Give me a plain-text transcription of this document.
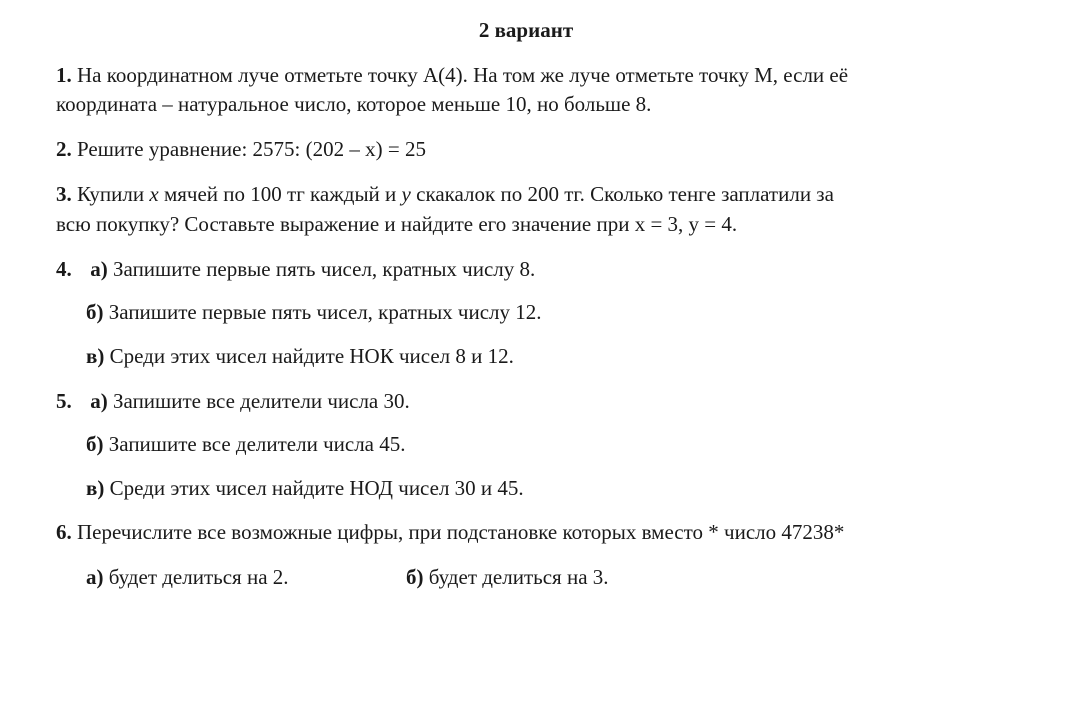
2 вариант
1. На координатном луче отметьте точку А(4). На том же луче отметьте точку М, если её
координата – натуральное число, которое меньше 10, но больше 8.
2. Решите уравнение: 2575: (202 – х) = 25
3. Купили x мячей по 100 тг каждый и y скакалок по 200 тг. Сколько тенге заплатили за
всю покупку? Составьте выражение и найдите его значение при х = 3, у = 4.
4. а) Запишите первые пять чисел, кратных числу 8.
б) Запишите первые пять чисел, кратных числу 12.
в) Среди этих чисел найдите НОК чисел 8 и 12.
5. а) Запишите все делители числа 30.
б) Запишите все делители числа 45.
в) Среди этих чисел найдите НОД чисел 30 и 45.
6. Перечислите все возможные цифры, при подстановке которых вместо * число 47238*
а) будет делиться на 2.	б) будет делиться на 3.
